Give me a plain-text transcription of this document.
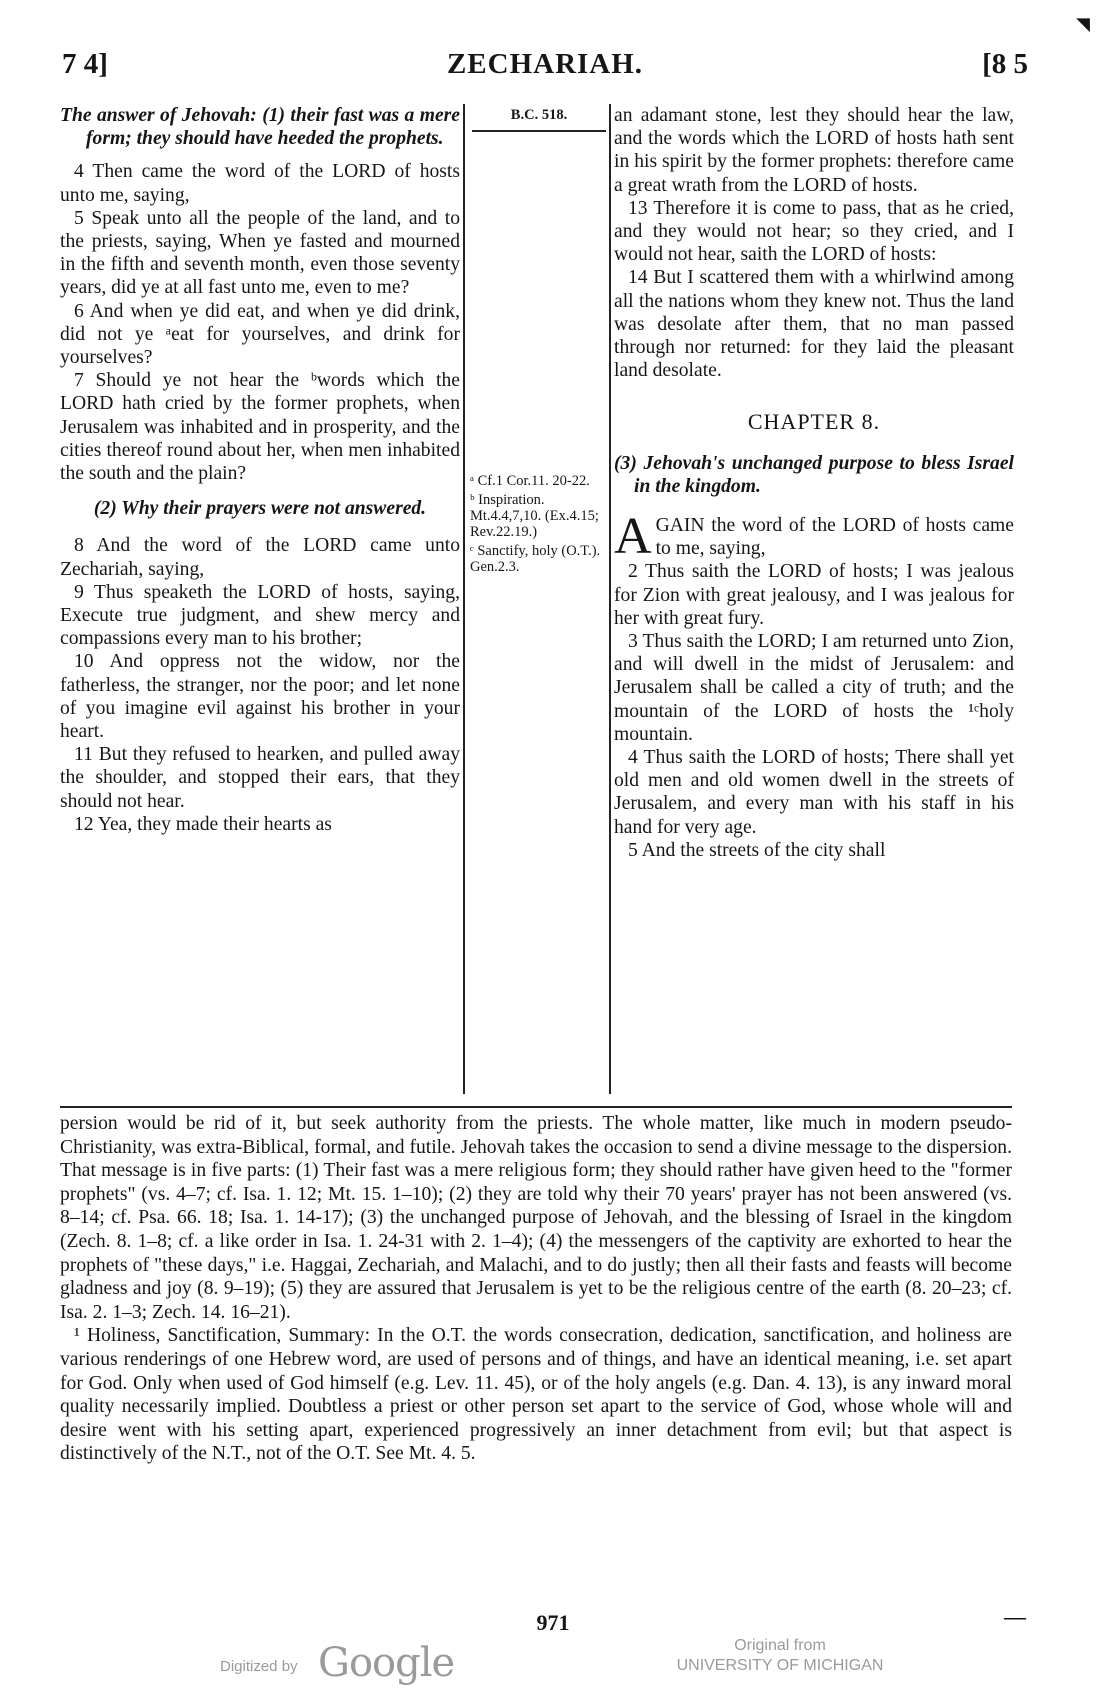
◥
7 4]	ZECHARIAH.	[8 5

The answer of Jehovah: (1) their fast was a mere form; they should have heeded the prophets.

4 Then came the word of the LORD of hosts unto me, saying,

5 Speak unto all the people of the land, and to the priests, saying, When ye fasted and mourned in the fifth and seventh month, even those seventy years, did ye at all fast unto me, even to me?

6 And when ye did eat, and when ye did drink, did not ye ᵃeat for yourselves, and drink for yourselves?

7 Should ye not hear the ᵇwords which the LORD hath cried by the former prophets, when Jerusalem was inhabited and in prosperity, and the cities thereof round about her, when men inhabited the south and the plain?

(2) Why their prayers were not answered.

8 And the word of the LORD came unto Zechariah, saying,

9 Thus speaketh the LORD of hosts, saying, Execute true judgment, and shew mercy and compassions every man to his brother;

10 And oppress not the widow, nor the fatherless, the stranger, nor the poor; and let none of you imagine evil against his brother in your heart.

11 But they refused to hearken, and pulled away the shoulder, and stopped their ears, that they should not hear.

12 Yea, they made their hearts as

B.C. 518.

ᵃ Cf.1 Cor.11. 20-22.

ᵇ Inspiration. Mt.4.4,7,10. (Ex.4.15; Rev.22.19.)

ᶜ Sanctify, holy (O.T.). Gen.2.3.

an adamant stone, lest they should hear the law, and the words which the LORD of hosts hath sent in his spirit by the former prophets: therefore came a great wrath from the LORD of hosts.

13 Therefore it is come to pass, that as he cried, and they would not hear; so they cried, and I would not hear, saith the LORD of hosts:

14 But I scattered them with a whirlwind among all the nations whom they knew not. Thus the land was desolate after them, that no man passed through nor returned: for they laid the pleasant land desolate.

CHAPTER 8.

(3) Jehovah's unchanged purpose to bless Israel in the kingdom.

AGAIN the word of the LORD of hosts came to me, saying,

2 Thus saith the LORD of hosts; I was jealous for Zion with great jealousy, and I was jealous for her with great fury.

3 Thus saith the LORD; I am returned unto Zion, and will dwell in the midst of Jerusalem: and Jerusalem shall be called a city of truth; and the mountain of the LORD of hosts the ¹ᶜholy mountain.

4 Thus saith the LORD of hosts; There shall yet old men and old women dwell in the streets of Jerusalem, and every man with his staff in his hand for very age.

5 And the streets of the city shall

persion would be rid of it, but seek authority from the priests. The whole matter, like much in modern pseudo-Christianity, was extra-Biblical, formal, and futile. Jehovah takes the occasion to send a divine message to the dispersion. That message is in five parts: (1) Their fast was a mere religious form; they should rather have given heed to the "former prophets" (vs. 4–7; cf. Isa. 1. 12; Mt. 15. 1–10); (2) they are told why their 70 years' prayer has not been answered (vs. 8–14; cf. Psa. 66. 18; Isa. 1. 14-17); (3) the unchanged purpose of Jehovah, and the blessing of Israel in the kingdom (Zech. 8. 1–8; cf. a like order in Isa. 1. 24-31 with 2. 1–4); (4) the messengers of the captivity are exhorted to hear the prophets of "these days," i.e. Haggai, Zechariah, and Malachi, and to do justly; then all their fasts and feasts will become gladness and joy (8. 9–19); (5) they are assured that Jerusalem is yet to be the religious centre of the earth (8. 20–23; cf. Isa. 2. 1–3; Zech. 14. 16–21).

¹ Holiness, Sanctification, Summary: In the O.T. the words consecration, dedication, sanctification, and holiness are various renderings of one Hebrew word, are used of persons and of things, and have an identical meaning, i.e. set apart for God. Only when used of God himself (e.g. Lev. 11. 45), or of the holy angels (e.g. Dan. 4. 13), is any inward moral quality necessarily implied. Doubtless a priest or other person set apart to the service of God, whose whole will and desire went with his setting apart, experienced progressively an inner detachment from evil; but that aspect is distinctively of the N.T., not of the O.T. See Mt. 4. 5.

971	—
Digitized by Google	Original from
UNIVERSITY OF MICHIGAN
